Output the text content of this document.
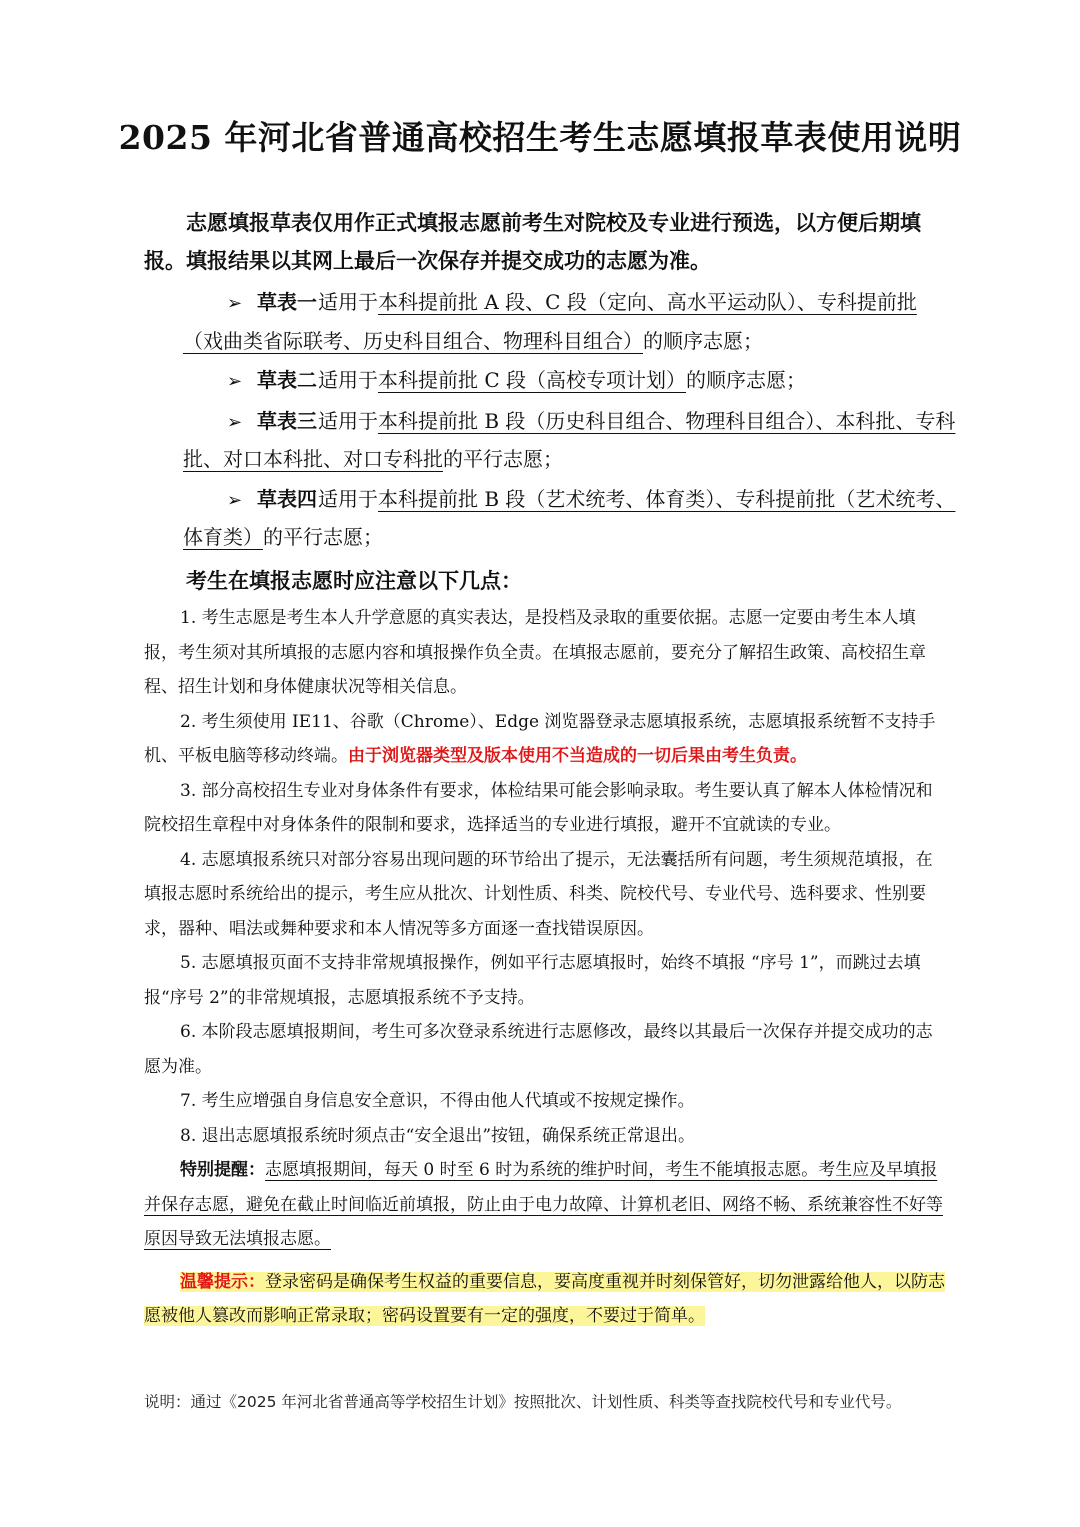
2025 年河北省普通高校招生考生志愿填报草表使用说明

志愿填报草表仅用作正式填报志愿前考生对院校及专业进行预选，以方便后期填报。填报结果以其网上最后一次保存并提交成功的志愿为准。

➢ 草表一适用于本科提前批 A 段、C 段（定向、高水平运动队）、专科提前批（戏曲类省际联考、历史科目组合、物理科目组合）的顺序志愿；
➢ 草表二适用于本科提前批 C 段（高校专项计划）的顺序志愿；
➢ 草表三适用于本科提前批 B 段（历史科目组合、物理科目组合）、本科批、专科批、对口本科批、对口专科批的平行志愿；
➢ 草表四适用于本科提前批 B 段（艺术统考、体育类）、专科提前批（艺术统考、体育类）的平行志愿；
考生在填报志愿时应注意以下几点：

1. 考生志愿是考生本人升学意愿的真实表达，是投档及录取的重要依据。志愿一定要由考生本人填报，考生须对其所填报的志愿内容和填报操作负全责。在填报志愿前，要充分了解招生政策、高校招生章程、招生计划和身体健康状况等相关信息。

2. 考生须使用 IE11、谷歌（Chrome）、Edge 浏览器登录志愿填报系统，志愿填报系统暂不支持手机、平板电脑等移动终端。由于浏览器类型及版本使用不当造成的一切后果由考生负责。

3. 部分高校招生专业对身体条件有要求，体检结果可能会影响录取。考生要认真了解本人体检情况和院校招生章程中对身体条件的限制和要求，选择适当的专业进行填报，避开不宜就读的专业。

4. 志愿填报系统只对部分容易出现问题的环节给出了提示，无法囊括所有问题，考生须规范填报，在填报志愿时系统给出的提示，考生应从批次、计划性质、科类、院校代号、专业代号、选科要求、性别要求，器种、唱法或舞种要求和本人情况等多方面逐一查找错误原因。

5. 志愿填报页面不支持非常规填报操作，例如平行志愿填报时，始终不填报 “序号 1”，而跳过去填报“序号 2”的非常规填报，志愿填报系统不予支持。

6. 本阶段志愿填报期间，考生可多次登录系统进行志愿修改，最终以其最后一次保存并提交成功的志愿为准。

7. 考生应增强自身信息安全意识，不得由他人代填或不按规定操作。

8. 退出志愿填报系统时须点击“安全退出”按钮，确保系统正常退出。

特别提醒：志愿填报期间，每天 0 时至 6 时为系统的维护时间，考生不能填报志愿。考生应及早填报并保存志愿，避免在截止时间临近前填报，防止由于电力故障、计算机老旧、网络不畅、系统兼容性不好等原因导致无法填报志愿。

温馨提示：登录密码是确保考生权益的重要信息，要高度重视并时刻保管好，切勿泄露给他人，以防志愿被他人篡改而影响正常录取；密码设置要有一定的强度，不要过于简单。

说明：通过《2025 年河北省普通高等学校招生计划》按照批次、计划性质、科类等查找院校代号和专业代号。
